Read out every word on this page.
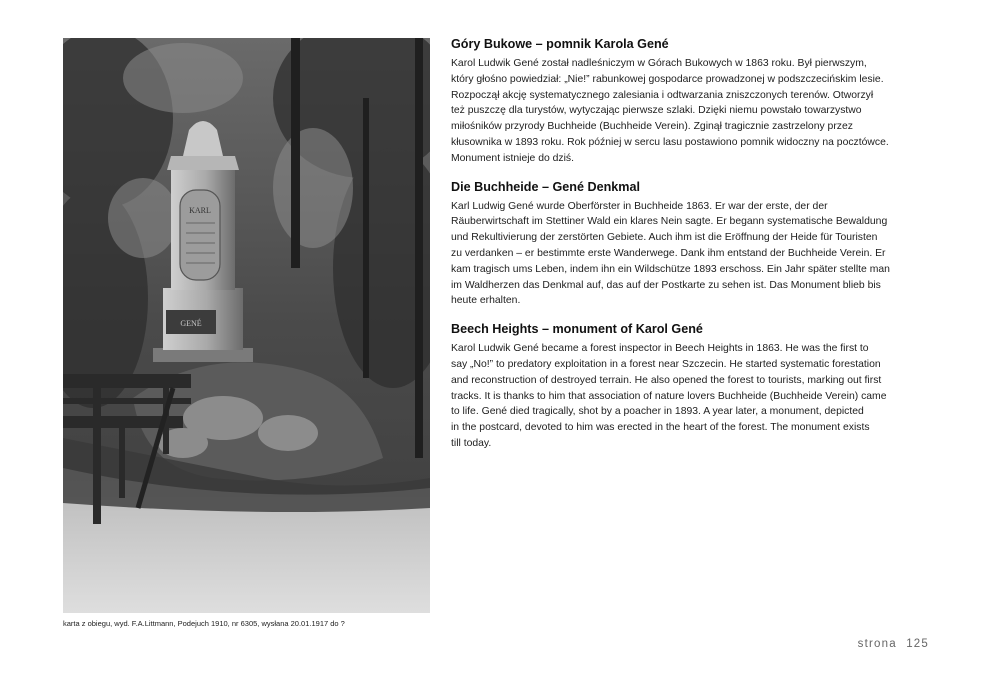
GENÉ
KARL
karta z obiegu, wyd. F.A.Littmann, Podejuch 1910, nr 6305, wysłana 20.01.1917 do ?
Góry Bukowe – pomnik Karola Gené

Karol Ludwik Gené został nadleśniczym w Górach Bukowych w 1863 roku. Był pierwszym,
który głośno powiedział: „Nie!” rabunkowej gospodarce prowadzonej w podszczecińskim lesie.
Rozpoczął akcję systematycznego zalesiania i odtwarzania zniszczonych terenów. Otworzył
też puszczę dla turystów, wytyczając pierwsze szlaki. Dzięki niemu powstało towarzystwo
miłośników przyrody Buchheide (Buchheide Verein). Zginął tragicznie zastrzelony przez
kłusownika w 1893 roku. Rok później w sercu lasu postawiono pomnik widoczny na pocztówce.
Monument istnieje do dziś.

Die Buchheide – Gené Denkmal

Karl Ludwig Gené wurde Oberförster in Buchheide 1863. Er war der erste, der der
Räuberwirtschaft im Stettiner Wald ein klares Nein sagte. Er begann systematische Bewaldung
und Rekultivierung der zerstörten Gebiete. Auch ihm ist die Eröffnung der Heide für Touristen
zu verdanken – er bestimmte erste Wanderwege. Dank ihm entstand der Buchheide Verein. Er
kam tragisch ums Leben, indem ihn ein Wildschütze 1893 erschoss. Ein Jahr später stellte man
im Waldherzen das Denkmal auf, das auf der Postkarte zu sehen ist. Das Monument blieb bis
heute erhalten.

Beech Heights – monument of Karol Gené

Karol Ludwik Gené became a forest inspector in Beech Heights in 1863. He was the first to
say „No!” to predatory exploitation in a forest near Szczecin. He started systematic forestation
and reconstruction of destroyed terrain. He also opened the forest to tourists, marking out first
tracks. It is thanks to him that association of nature lovers Buchheide (Buchheide Verein) came
to life. Gené died tragically, shot by a poacher in 1893. A year later, a monument, depicted
in the postcard, devoted to him was erected in the heart of the forest. The monument exists
till today.

strona 125
